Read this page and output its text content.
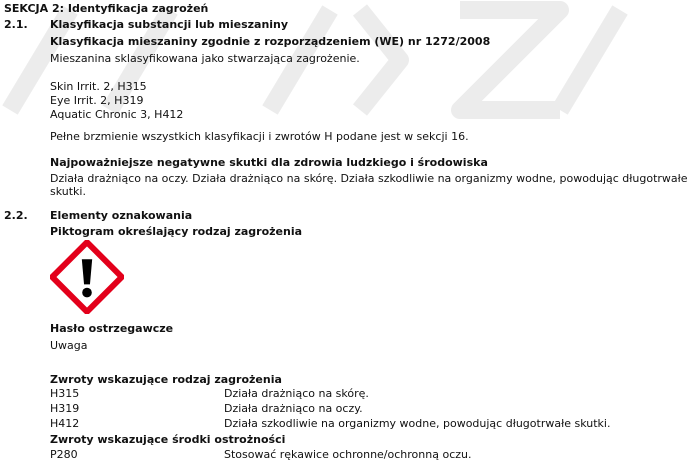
SEKCJA 2: Identyfikacja zagrożeń
2.1. Klasyfikacja substancji lub mieszaniny
Klasyfikacja mieszaniny zgodnie z rozporządzeniem (WE) nr 1272/2008
Mieszanina sklasyfikowana jako stwarzająca zagrożenie.
Skin Irrit. 2, H315
Eye Irrit. 2, H319
Aquatic Chronic 3, H412
Pełne brzmienie wszystkich klasyfikacji i zwrotów H podane jest w sekcji 16.
Najpoważniejsze negatywne skutki dla zdrowia ludzkiego i środowiska
Działa drażniąco na oczy. Działa drażniąco na skórę. Działa szkodliwie na organizmy wodne, powodując długotrwałe
skutki.
2.2. Elementy oznakowania
Piktogram określający rodzaj zagrożenia
Hasło ostrzegawcze
Uwaga
Zwroty wskazujące rodzaj zagrożenia
H315	Działa drażniąco na skórę.
H319	Działa drażniąco na oczy.
H412	Działa szkodliwie na organizmy wodne, powodując długotrwałe skutki.
Zwroty wskazujące środki ostrożności
P280	Stosować rękawice ochronne/ochronną oczu.
